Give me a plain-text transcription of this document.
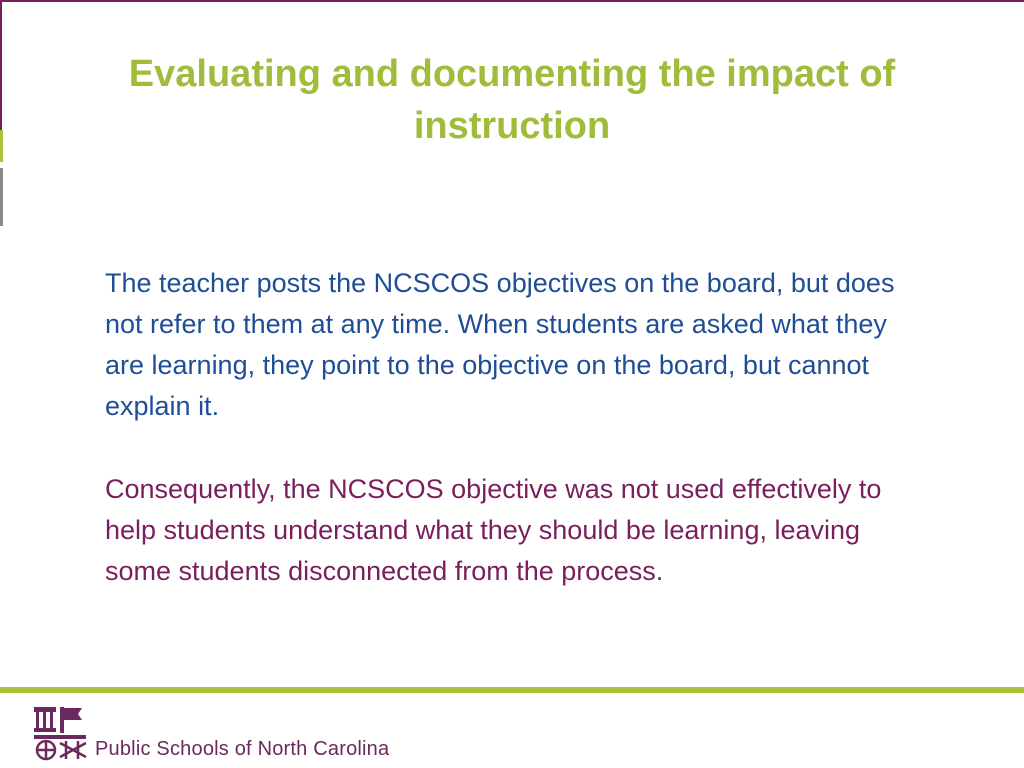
Evaluating and documenting the impact of instruction

The teacher posts the NCSCOS objectives on the board, but does not refer to them at any time. When students are asked what they are learning, they point to the objective on the board, but cannot explain it.

Consequently, the NCSCOS objective was not used effectively to help students understand what they should be learning, leaving some students disconnected from the process.

Public Schools of North Carolina
